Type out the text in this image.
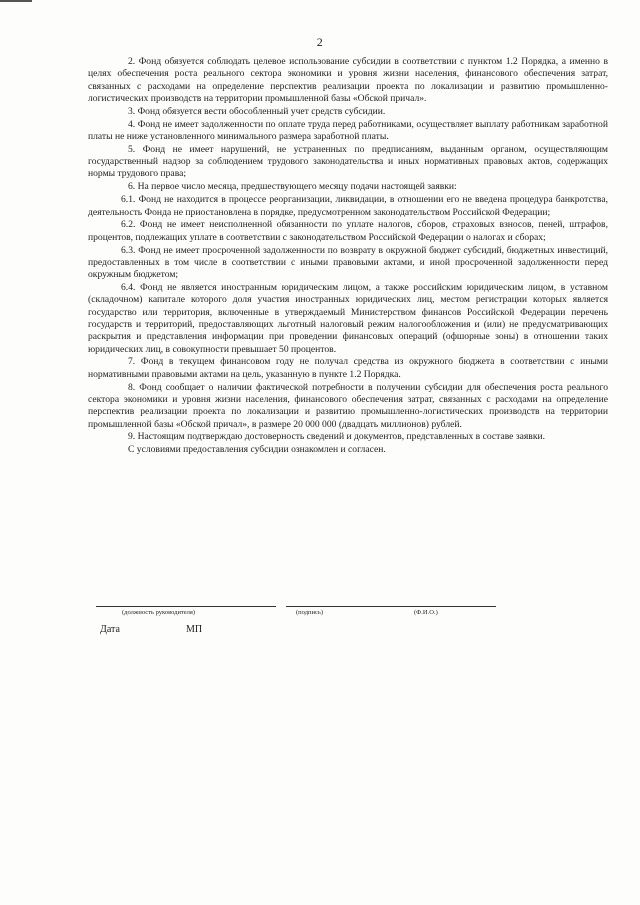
2

2. Фонд обязуется соблюдать целевое использование субсидии в соответствии с пунктом 1.2 Порядка, а именно в целях обеспечения роста реального сектора экономики и уровня жизни населения, финансового обеспечения затрат, связанных с расходами на определение перспектив реализации проекта по локализации и развитию промышленно-логистических производств на территории промышленной базы «Обской причал».

3. Фонд обязуется вести обособленный учет средств субсидии.

4. Фонд не имеет задолженности по оплате труда перед работниками, осуществляет выплату работникам заработной платы не ниже установленного минимального размера заработной платы.

5. Фонд не имеет нарушений, не устраненных по предписаниям, выданным органом, осуществляющим государственный надзор за соблюдением трудового законодательства и иных нормативных правовых актов, содержащих нормы трудового права;

6. На первое число месяца, предшествующего месяцу подачи настоящей заявки:

6.1. Фонд не находится в процессе реорганизации, ликвидации, в отношении его не введена процедура банкротства, деятельность Фонда не приостановлена в порядке, предусмотренном законодательством Российской Федерации;

6.2. Фонд не имеет неисполненной обязанности по уплате налогов, сборов, страховых взносов, пеней, штрафов, процентов, подлежащих уплате в соответствии с законодательством Российской Федерации о налогах и сборах;

6.3. Фонд не имеет просроченной задолженности по возврату в окружной бюджет субсидий, бюджетных инвестиций, предоставленных в том числе в соответствии с иными правовыми актами, и иной просроченной задолженности перед окружным бюджетом;

6.4. Фонд не является иностранным юридическим лицом, а также российским юридическим лицом, в уставном (складочном) капитале которого доля участия иностранных юридических лиц, местом регистрации которых является государство или территория, включенные в утверждаемый Министерством финансов Российской Федерации перечень государств и территорий, предоставляющих льготный налоговый режим налогообложения и (или) не предусматривающих раскрытия и представления информации при проведении финансовых операций (офшорные зоны) в отношении таких юридических лиц, в совокупности превышает 50 процентов.

7. Фонд в текущем финансовом году не получал средства из окружного бюджета в соответствии с иными нормативными правовыми актами на цель, указанную в пункте 1.2 Порядка.

8. Фонд сообщает о наличии фактической потребности в получении субсидии для обеспечения роста реального сектора экономики и уровня жизни населения, финансового обеспечения затрат, связанных с расходами на определение перспектив реализации проекта по локализации и развитию промышленно-логистических производств на территории промышленной базы «Обской причал», в размере 20 000 000 (двадцать миллионов) рублей.

9. Настоящим подтверждаю достоверность сведений и документов, представленных в составе заявки.

С условиями предоставления субсидии ознакомлен и согласен.

(должность руководителя)	(подпись)	(Ф.И.О.)
Дата	МП
